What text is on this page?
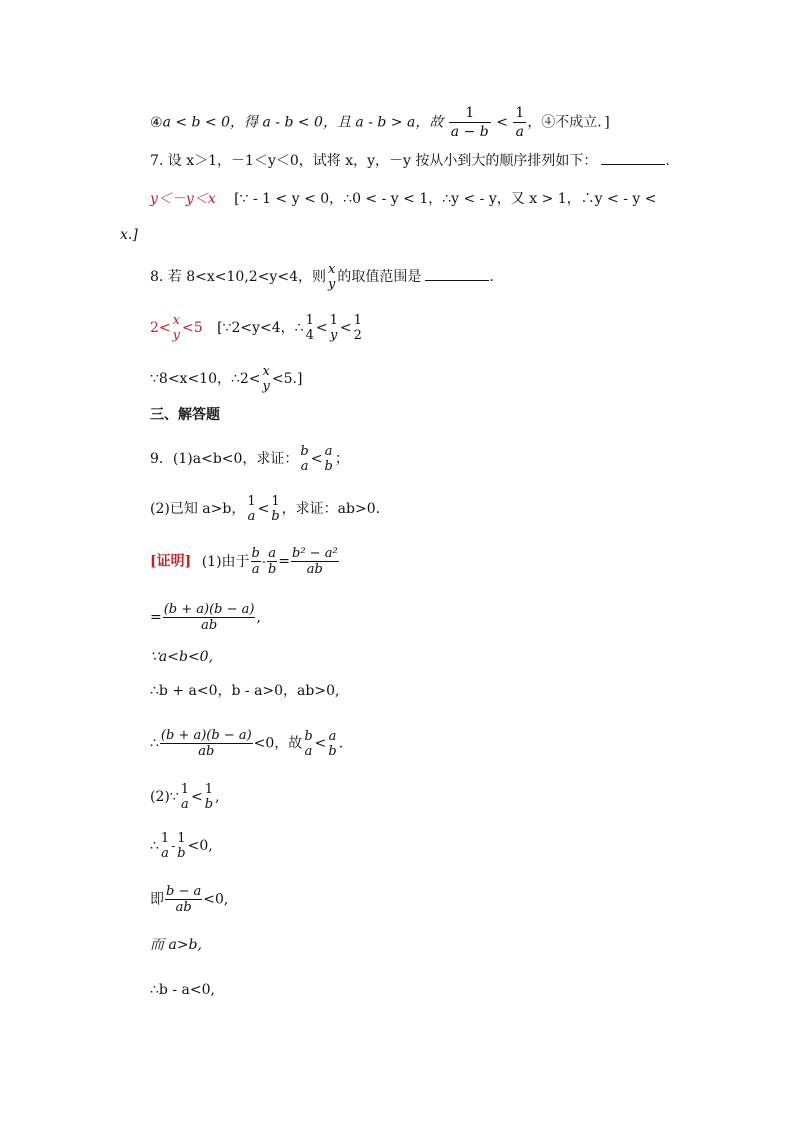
④a < b < 0，得 a - b < 0，且 a - b > a，故 $\frac{1}{a - b} < \frac{1}{a}$ ，④不成立．]
7. 设 x＞1，－1＜y＜0，试将 x，y，－y 按从小到大的顺序排列如下：	.
y＜－y＜x [∵ - 1 < y < 0，∴0 < - y < 1，∴y < - y，又 x > 1，∴y < - y <
x.]
8. 若 8<x<10,2<y<4，则 x
y 的取值范围是	.
2< x
y <5 [∵2<y<4，∴ 1
4 < 1
y < 1
2
∵8<x<10，∴2< x
y <5.]
三、解答题
9．(1)a<b<0，求证： b
a < a
b ；
(2)已知 a>b， 1
a < 1
b ，求证：ab>0.
[证明] (1)由于 $\frac{b}{a} - \frac{a}{b} = \frac{\text{b² − a²}}{ab}$
= $\frac{(b + a)(b - a)}{ab}$ ,
∵a<b<0,
∴b + a<0，b - a>0，ab>0,
∴ $\frac{(b + a)(b - a)}{ab} <0$，故 b
a < a
b .
(2)∵ 1
a < 1
b ,
∴ 1
a - 1
b <0,
即 $\frac{b - a}{ab} <0$,
而 a>b,
∴b - a<0,
